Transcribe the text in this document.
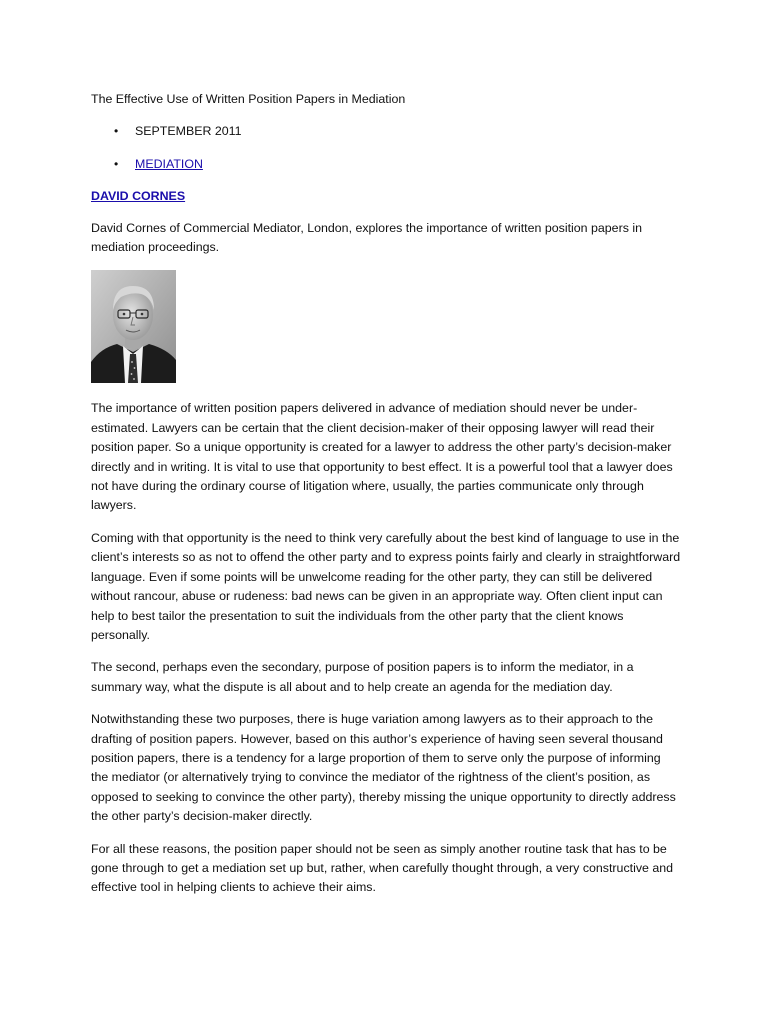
The Effective Use of Written Position Papers in Mediation
• SEPTEMBER 2011
• MEDIATION
DAVID CORNES

David Cornes of Commercial Mediator, London, explores the importance of written position papers in mediation proceedings.

The importance of written position papers delivered in advance of mediation should never be under-estimated. Lawyers can be certain that the client decision-maker of their opposing lawyer will read their position paper. So a unique opportunity is created for a lawyer to address the other party’s decision-maker directly and in writing. It is vital to use that opportunity to best effect. It is a powerful tool that a lawyer does not have during the ordinary course of litigation where, usually, the parties communicate only through lawyers.

Coming with that opportunity is the need to think very carefully about the best kind of language to use in the client’s interests so as not to offend the other party and to express points fairly and clearly in straightforward language. Even if some points will be unwelcome reading for the other party, they can still be delivered without rancour, abuse or rudeness: bad news can be given in an appropriate way. Often client input can help to best tailor the presentation to suit the individuals from the other party that the client knows personally.

The second, perhaps even the secondary, purpose of position papers is to inform the mediator, in a summary way, what the dispute is all about and to help create an agenda for the mediation day.

Notwithstanding these two purposes, there is huge variation among lawyers as to their approach to the drafting of position papers. However, based on this author’s experience of having seen several thousand position papers, there is a tendency for a large proportion of them to serve only the purpose of informing the mediator (or alternatively trying to convince the mediator of the rightness of the client’s position, as opposed to seeking to convince the other party), thereby missing the unique opportunity to directly address the other party’s decision-maker directly.

For all these reasons, the position paper should not be seen as simply another routine task that has to be gone through to get a mediation set up but, rather, when carefully thought through, a very constructive and effective tool in helping clients to achieve their aims.
